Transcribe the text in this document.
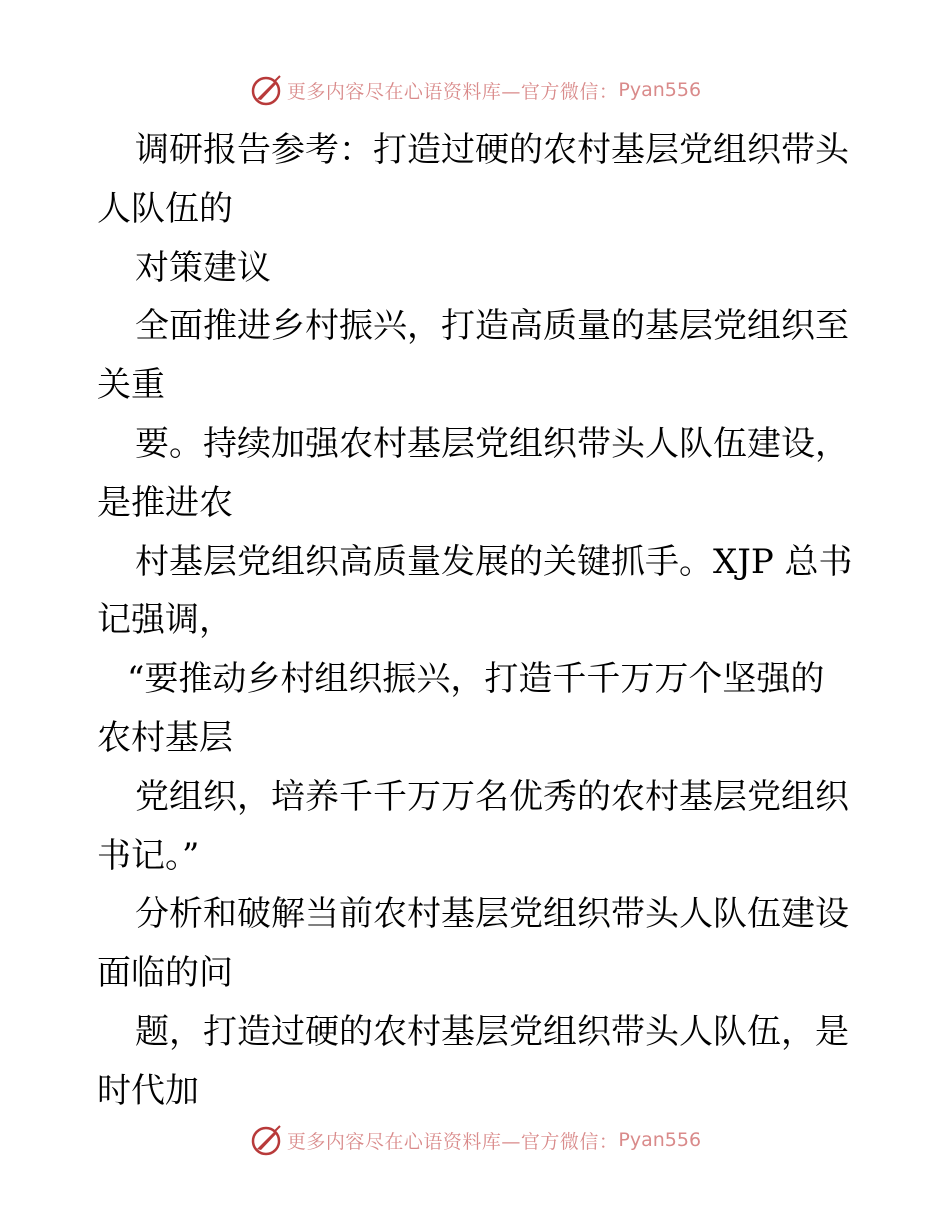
更多内容尽在心语资料库—官方微信： Pyan556
调研报告参考：打造过硬的农村基层党组织带头
人队伍的
对策建议
全面推进乡村振兴，打造高质量的基层党组织至
关重
要。持续加强农村基层党组织带头人队伍建设，
是推进农
村基层党组织高质量发展的关键抓手。XJP 总书
记强调，
“要推动乡村组织振兴，打造千千万万个坚强的
农村基层
党组织，培养千千万万名优秀的农村基层党组织
书记。”
分析和破解当前农村基层党组织带头人队伍建设
面临的问
题，打造过硬的农村基层党组织带头人队伍，是
时代加
更多内容尽在心语资料库—官方微信： Pyan556
